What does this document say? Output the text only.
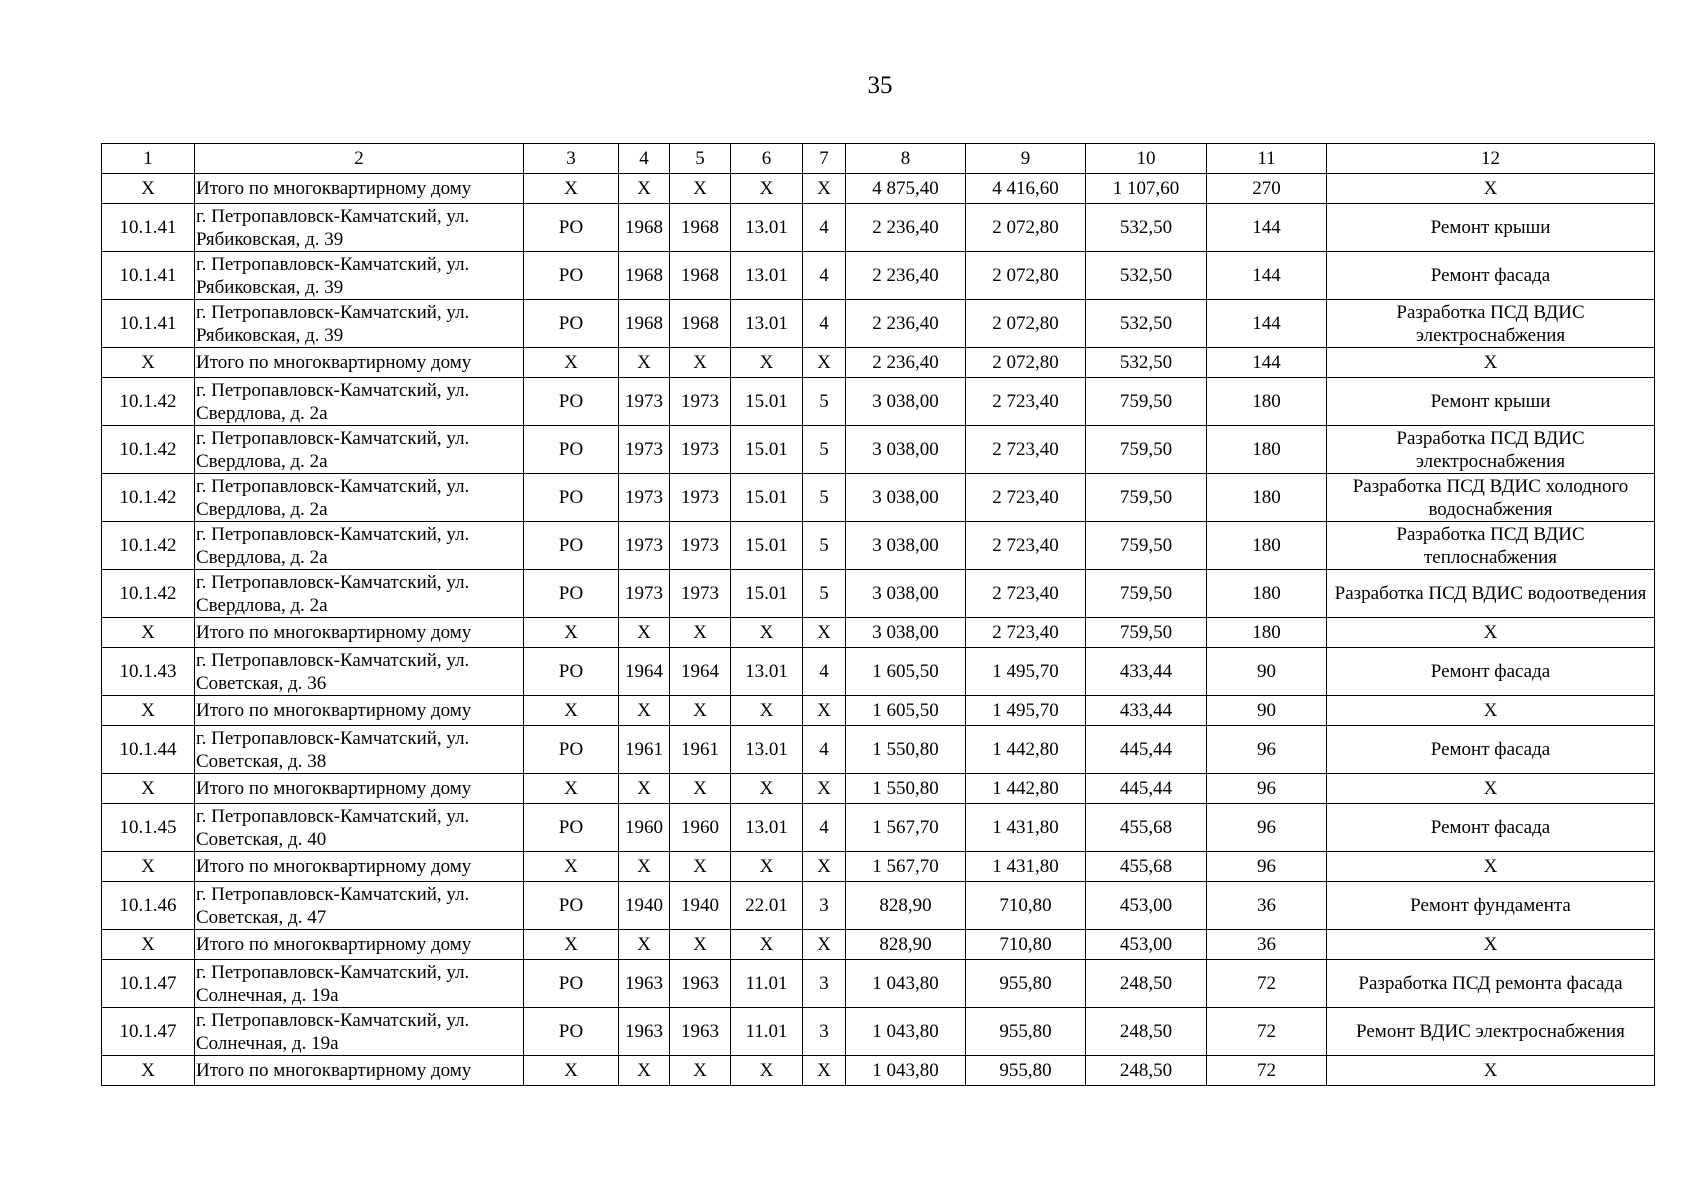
35
1	2	3	4	5	6	7	8	9	10	11	12
Х	Итого по многоквартирному дому	Х	Х	Х	Х	Х	4 875,40	4 416,60	1 107,60	270	Х
10.1.41	г. Петропавловск-Камчатский, ул. Рябиковская, д. 39	РО	1968	1968	13.01	4	2 236,40	2 072,80	532,50	144	Ремонт крыши
10.1.41	г. Петропавловск-Камчатский, ул. Рябиковская, д. 39	РО	1968	1968	13.01	4	2 236,40	2 072,80	532,50	144	Ремонт фасада
10.1.41	г. Петропавловск-Камчатский, ул. Рябиковская, д. 39	РО	1968	1968	13.01	4	2 236,40	2 072,80	532,50	144	Разработка ПСД ВДИС электроснабжения
Х	Итого по многоквартирному дому	Х	Х	Х	Х	Х	2 236,40	2 072,80	532,50	144	Х
10.1.42	г. Петропавловск-Камчатский, ул. Свердлова, д. 2а	РО	1973	1973	15.01	5	3 038,00	2 723,40	759,50	180	Ремонт крыши
10.1.42	г. Петропавловск-Камчатский, ул. Свердлова, д. 2а	РО	1973	1973	15.01	5	3 038,00	2 723,40	759,50	180	Разработка ПСД ВДИС электроснабжения
10.1.42	г. Петропавловск-Камчатский, ул. Свердлова, д. 2а	РО	1973	1973	15.01	5	3 038,00	2 723,40	759,50	180	Разработка ПСД ВДИС холодного водоснабжения
10.1.42	г. Петропавловск-Камчатский, ул. Свердлова, д. 2а	РО	1973	1973	15.01	5	3 038,00	2 723,40	759,50	180	Разработка ПСД ВДИС теплоснабжения
10.1.42	г. Петропавловск-Камчатский, ул. Свердлова, д. 2а	РО	1973	1973	15.01	5	3 038,00	2 723,40	759,50	180	Разработка ПСД ВДИС водоотведения
Х	Итого по многоквартирному дому	Х	Х	Х	Х	Х	3 038,00	2 723,40	759,50	180	Х
10.1.43	г. Петропавловск-Камчатский, ул. Советская, д. 36	РО	1964	1964	13.01	4	1 605,50	1 495,70	433,44	90	Ремонт фасада
Х	Итого по многоквартирному дому	Х	Х	Х	Х	Х	1 605,50	1 495,70	433,44	90	Х
10.1.44	г. Петропавловск-Камчатский, ул. Советская, д. 38	РО	1961	1961	13.01	4	1 550,80	1 442,80	445,44	96	Ремонт фасада
Х	Итого по многоквартирному дому	Х	Х	Х	Х	Х	1 550,80	1 442,80	445,44	96	Х
10.1.45	г. Петропавловск-Камчатский, ул. Советская, д. 40	РО	1960	1960	13.01	4	1 567,70	1 431,80	455,68	96	Ремонт фасада
Х	Итого по многоквартирному дому	Х	Х	Х	Х	Х	1 567,70	1 431,80	455,68	96	Х
10.1.46	г. Петропавловск-Камчатский, ул. Советская, д. 47	РО	1940	1940	22.01	3	828,90	710,80	453,00	36	Ремонт фундамента
Х	Итого по многоквартирному дому	Х	Х	Х	Х	Х	828,90	710,80	453,00	36	Х
10.1.47	г. Петропавловск-Камчатский, ул. Солнечная, д. 19а	РО	1963	1963	11.01	3	1 043,80	955,80	248,50	72	Разработка ПСД ремонта фасада
10.1.47	г. Петропавловск-Камчатский, ул. Солнечная, д. 19а	РО	1963	1963	11.01	3	1 043,80	955,80	248,50	72	Ремонт ВДИС электроснабжения
Х	Итого по многоквартирному дому	Х	Х	Х	Х	Х	1 043,80	955,80	248,50	72	Х
